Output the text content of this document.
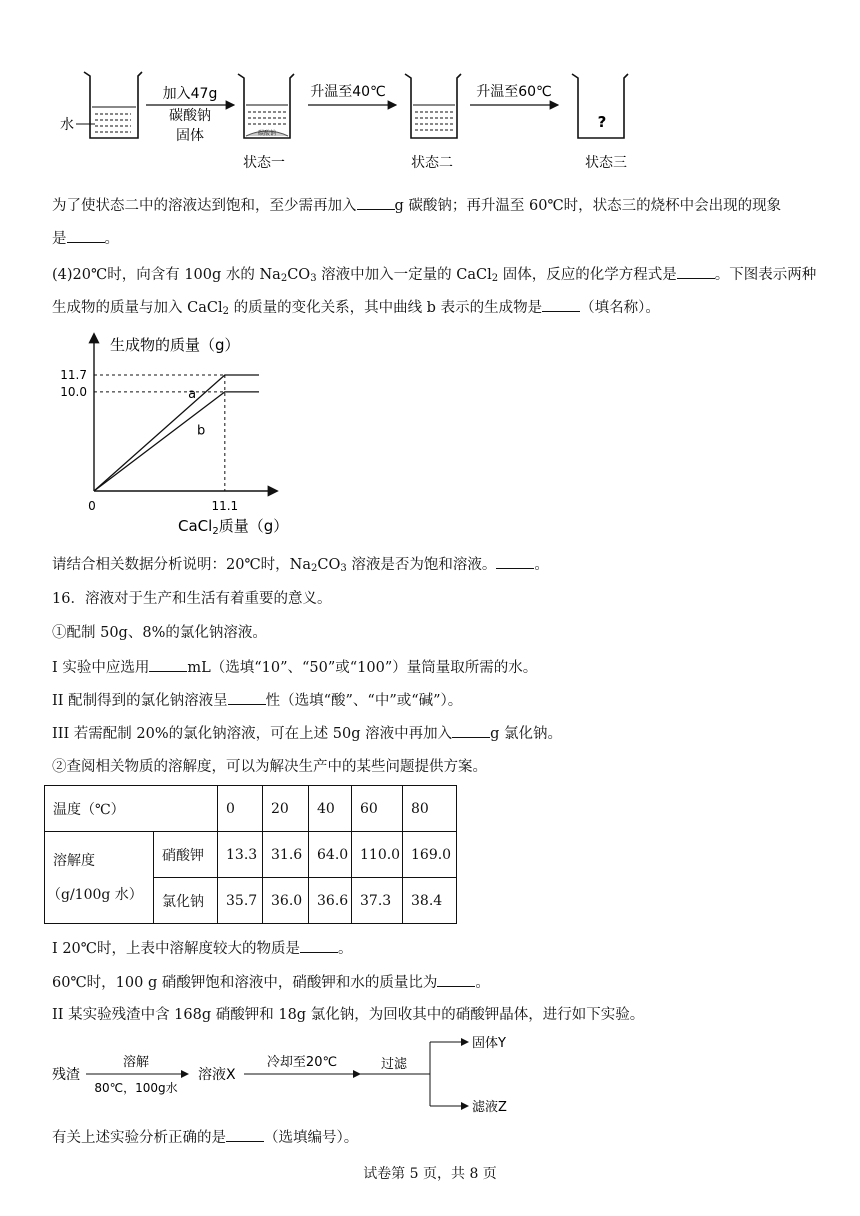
水
加入47g
碳酸钠
固体	碳酸钠
状态一
升温至40℃
状态二
升温至60℃
?
状态三
为了使状态二中的溶液达到饱和，至少需再加入	g 碳酸钠；再升温至 60℃时，状态三的烧杯中会出现的现象
是	。
(4)20℃时，向含有 100g 水的 $Na_2CO_3$ 溶液中加入一定量的 CaCl$_2$ 固体，反应的化学方程式是	。下图表示两种
生成物的质量与加入 CaCl$_2$ 的质量的变化关系，其中曲线 b 表示的生成物是	（填名称）。
生成物的质量（g）
11.7
10.0
0	11.1
a
b
CaCl$_2$质量（g）
请结合相关数据分析说明：20℃时，$Na_2CO_3$ 溶液是否为饱和溶液。	。
16．溶液对于生产和生活有着重要的意义。
①配制 50g、8%的氯化钠溶液。
I 实验中应选用	mL（选填“10”、“50”或“100”）量筒量取所需的水。
II 配制得到的氯化钠溶液呈	性（选填“酸”、“中”或“碱”）。
III 若需配制 20%的氯化钠溶液，可在上述 50g 溶液中再加入	g 氯化钠。
②查阅相关物质的溶解度，可以为解决生产中的某些问题提供方案。
温度（℃）		0	20	40	60	80

溶解度
（g/100g 水）	硝酸钾	13.3	31.6	64.0	110.0	169.0
	氯化钠	35.7	36.0	36.6	37.3	38.4
I 20℃时，上表中溶解度较大的物质是	。
60℃时，100 g 硝酸钾饱和溶液中，硝酸钾和水的质量比为	。
II 某实验残渣中含 168g 硝酸钾和 18g 氯化钠，为回收其中的硝酸钾晶体，进行如下实验。
残渣
溶解
80℃，100g水
溶液X
冷却至20℃	过滤
固体Y
滤液Z
有关上述实验分析正确的是	（选填编号）。
试卷第 5 页，共 8 页
